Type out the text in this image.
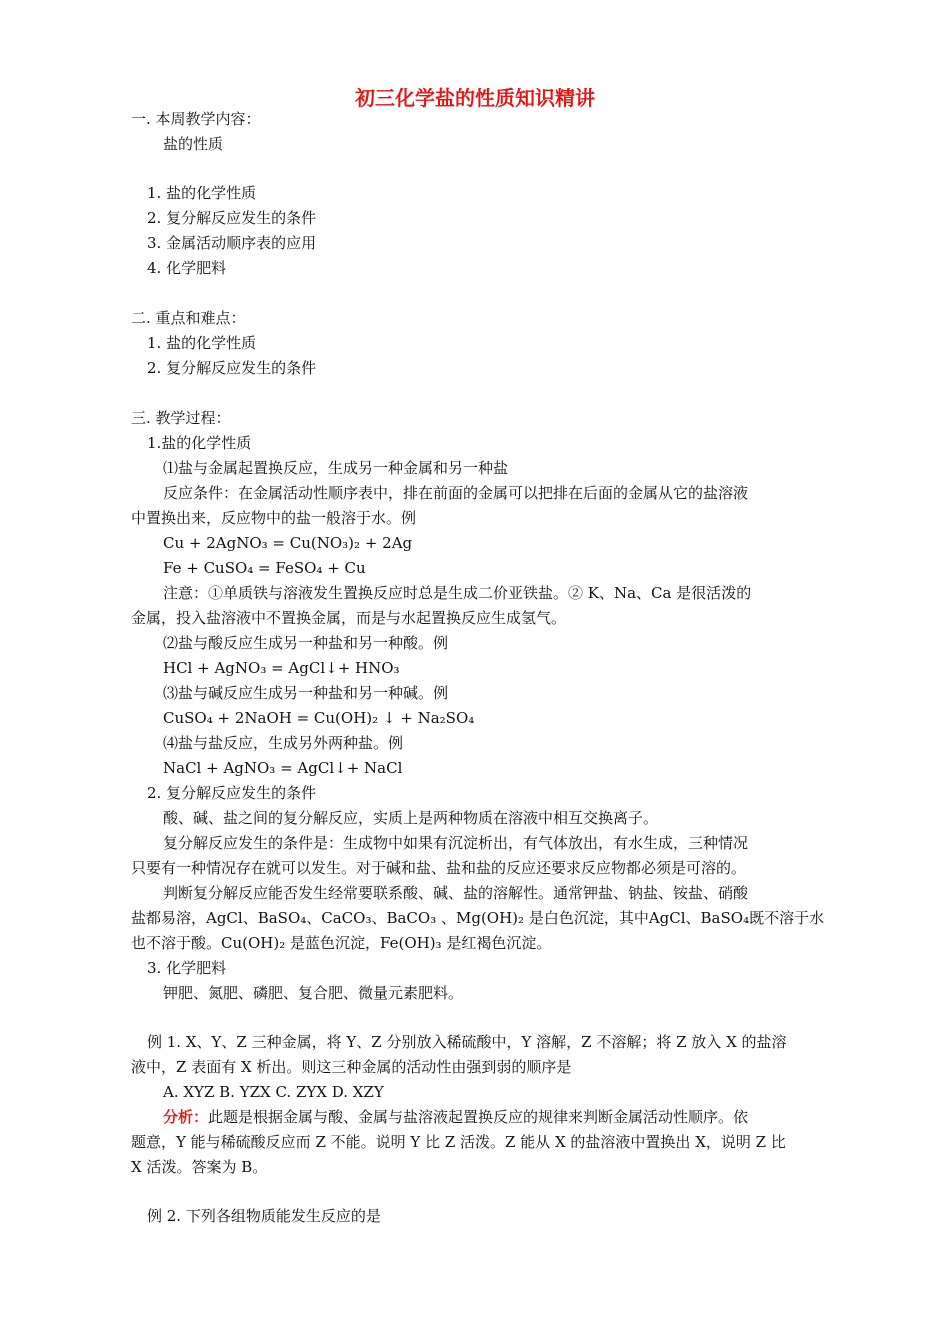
初三化学盐的性质知识精讲
一. 本周教学内容：
盐的性质
1. 盐的化学性质
2. 复分解反应发生的条件
3. 金属活动顺序表的应用
4. 化学肥料
二. 重点和难点：
1. 盐的化学性质
2. 复分解反应发生的条件
三. 教学过程：
1.盐的化学性质
⑴盐与金属起置换反应，生成另一种金属和另一种盐
反应条件：在金属活动性顺序表中，排在前面的金属可以把排在后面的金属从它的盐溶液
中置换出来，反应物中的盐一般溶于水。例
Cu + 2AgNO₃ = Cu(NO₃)₂ + 2Ag
Fe + CuSO₄ = FeSO₄ + Cu
注意：①单质铁与溶液发生置换反应时总是生成二价亚铁盐。② K、Na、Ca 是很活泼的
金属，投入盐溶液中不置换金属，而是与水起置换反应生成氢气。
⑵盐与酸反应生成另一种盐和另一种酸。例
HCl + AgNO₃ = AgCl↓+ HNO₃
⑶盐与碱反应生成另一种盐和另一种碱。例
CuSO₄ + 2NaOH = Cu(OH)₂ ↓ + Na₂SO₄
⑷盐与盐反应，生成另外两种盐。例
NaCl + AgNO₃ = AgCl↓+ NaCl
2. 复分解反应发生的条件
酸、碱、盐之间的复分解反应，实质上是两种物质在溶液中相互交换离子。
复分解反应发生的条件是：生成物中如果有沉淀析出，有气体放出，有水生成，三种情况
只要有一种情况存在就可以发生。对于碱和盐、盐和盐的反应还要求反应物都必须是可溶的。
判断复分解反应能否发生经常要联系酸、碱、盐的溶解性。通常钾盐、钠盐、铵盐、硝酸
盐都易溶，AgCl、BaSO₄、CaCO₃、BaCO₃ 、Mg(OH)₂ 是白色沉淀，其中AgCl、BaSO₄既不溶于水
也不溶于酸。Cu(OH)₂ 是蓝色沉淀，Fe(OH)₃ 是红褐色沉淀。
3. 化学肥料
钾肥、氮肥、磷肥、复合肥、微量元素肥料。
例 1. X、Y、Z 三种金属，将 Y、Z 分别放入稀硫酸中，Y 溶解，Z 不溶解；将 Z 放入 X 的盐溶
液中，Z 表面有 X 析出。则这三种金属的活动性由强到弱的顺序是
A. XYZ B. YZX C. ZYX D. XZY
分析：此题是根据金属与酸、金属与盐溶液起置换反应的规律来判断金属活动性顺序。依
题意，Y 能与稀硫酸反应而 Z 不能。说明 Y 比 Z 活泼。Z 能从 X 的盐溶液中置换出 X，说明 Z 比
X 活泼。答案为 B。
例 2. 下列各组物质能发生反应的是
